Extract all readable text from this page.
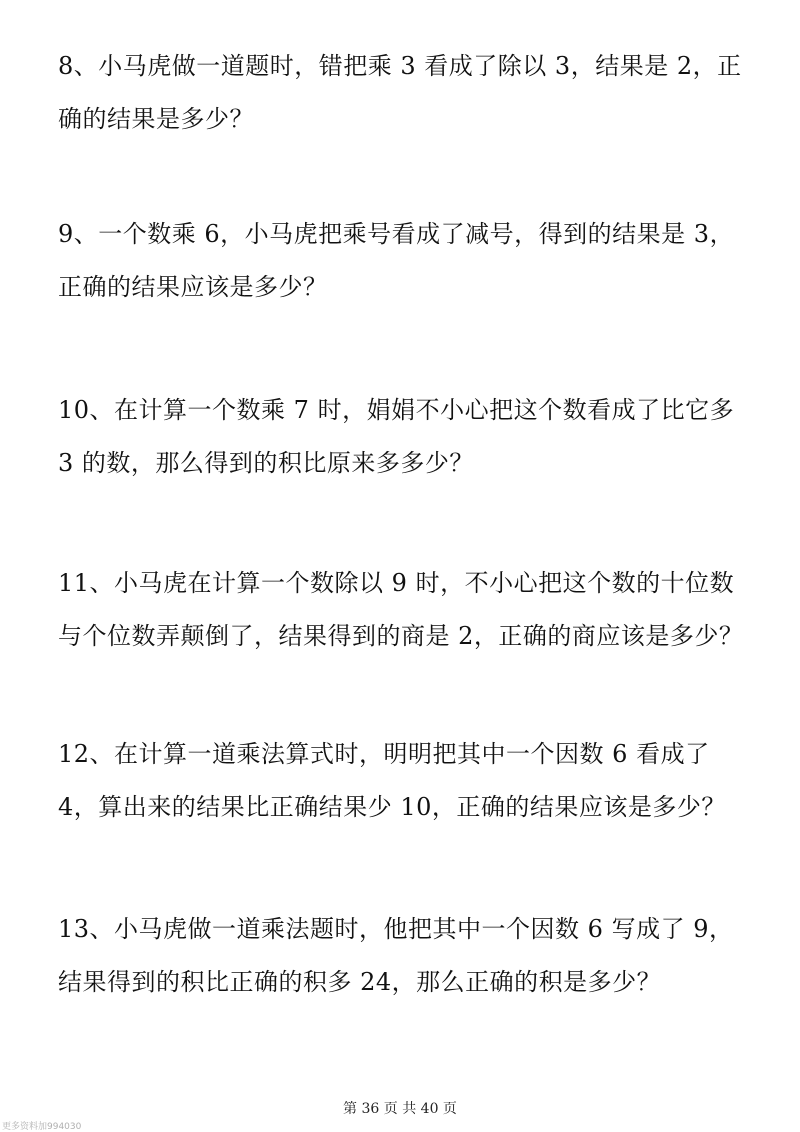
8、小马虎做一道题时，错把乘 3 看成了除以 3，结果是 2，正确的结果是多少？

9、一个数乘 6，小马虎把乘号看成了减号，得到的结果是 3，正确的结果应该是多少？

10、在计算一个数乘 7 时，娟娟不小心把这个数看成了比它多 3 的数，那么得到的积比原来多多少？

11、小马虎在计算一个数除以 9 时，不小心把这个数的十位数与个位数弄颠倒了，结果得到的商是 2，正确的商应该是多少？

12、在计算一道乘法算式时，明明把其中一个因数 6 看成了 4，算出来的结果比正确结果少 10，正确的结果应该是多少？

13、小马虎做一道乘法题时，他把其中一个因数 6 写成了 9，结果得到的积比正确的积多 24，那么正确的积是多少？

第 36 页 共 40 页
更多资料加994030
